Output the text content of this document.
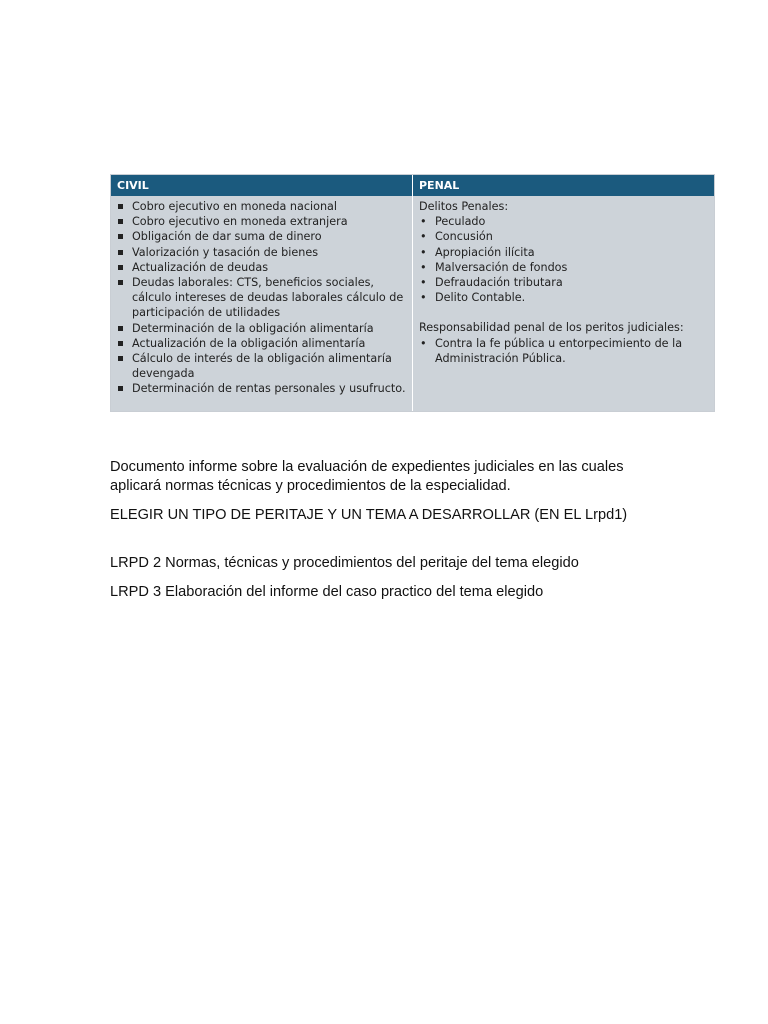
CIVIL	PENAL
Cobro ejecutivo en moneda nacional
Cobro ejecutivo en moneda extranjera
Obligación de dar suma de dinero
Valorización y tasación de bienes
Actualización de deudas
Deudas laborales: CTS, beneficios sociales, cálculo intereses de deudas laborales cálculo de participación de utilidades
Determinación de la obligación alimentaría
Actualización de la obligación alimentaría
Cálculo de interés de la obligación alimentaría devengada
Determinación de rentas personales y usufructo.
Delitos Penales:
• Peculado
• Concusión
• Apropiación ilícita
• Malversación de fondos
• Defraudación tributara
• Delito Contable.
Responsabilidad penal de los peritos judiciales:
• Contra la fe pública u entorpecimiento de la Administración Pública.

Documento informe sobre la evaluación de expedientes judiciales en las cuales aplicará normas técnicas y procedimientos de la especialidad.

ELEGIR UN TIPO DE PERITAJE Y UN TEMA A DESARROLLAR (EN EL Lrpd1)

LRPD 2 Normas, técnicas y procedimientos del peritaje del tema elegido

LRPD 3 Elaboración del informe del caso practico del tema elegido
